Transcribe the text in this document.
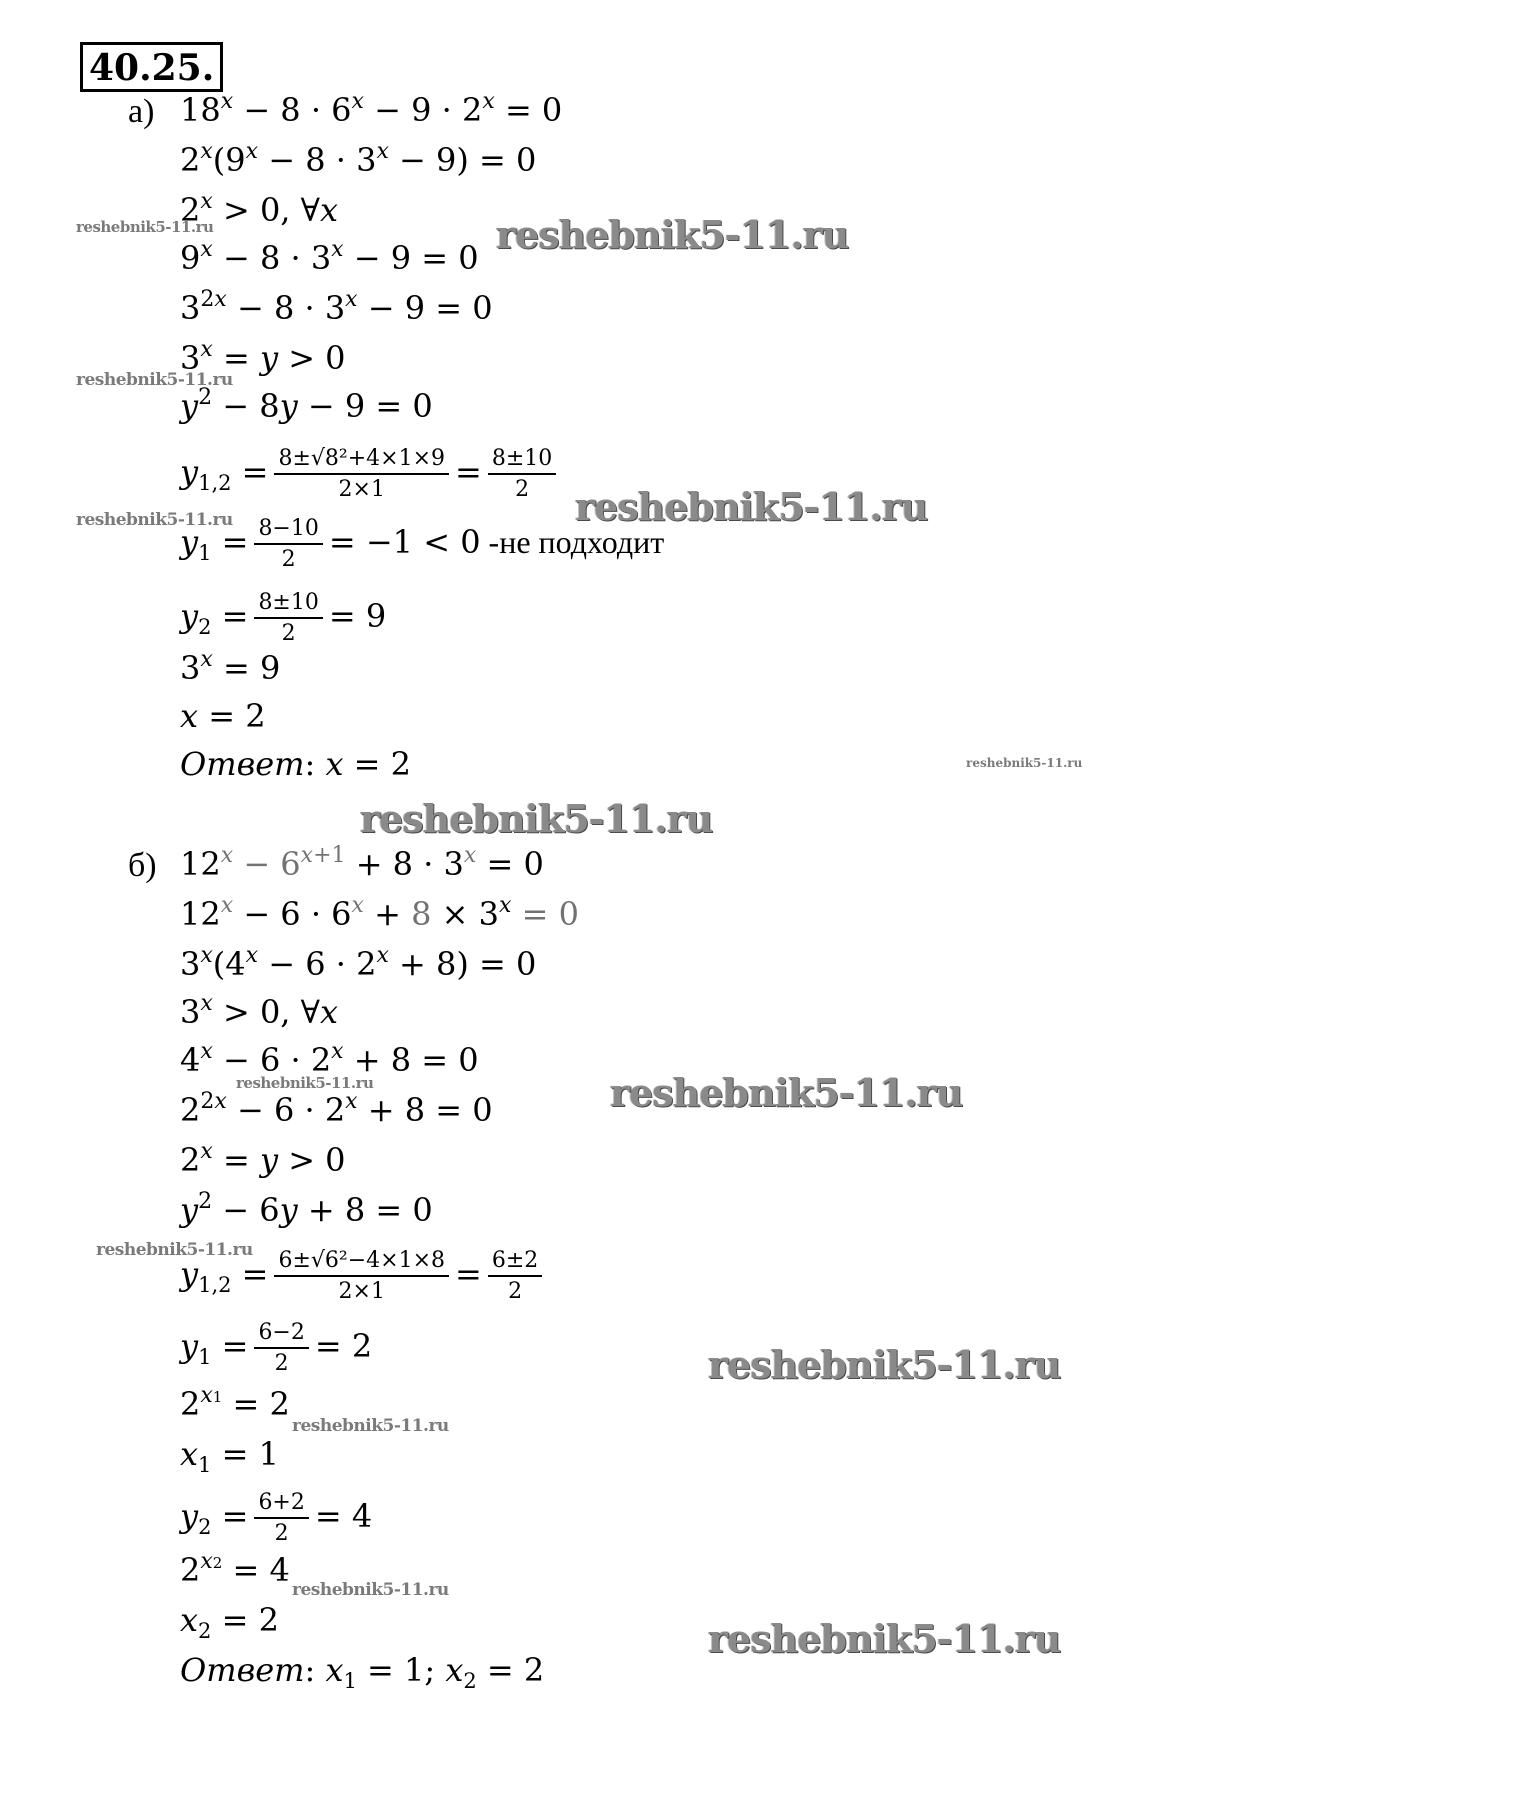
40.25.
а) $18^x - 8 \cdot 6^x - 9 \cdot 2^x = 0$
$2^x(9^x - 8 \cdot 3^x - 9) = 0$
$2^x > 0$, ∀x
$9^x - 8 \cdot 3^x - 9 = 0$
$3^{2x} - 8 \cdot 3^x - 9 = 0$
$3^x = y > 0$
$y^2 - 8y - 9 = 0$
$y_{1,2} = \frac{\text{8±√8²+4×1×9}}{2\times 1} = \frac{8\pm 10}{2}$
$y_1 = \frac{8-10}{2} = -1 < 0$ -не подходит
$y_2 = \frac{8\pm 10}{2} = 9$
$3^x = 9$
x = 2
Ответ: x = 2
б) $12^x - 6^{x+1} + 8 \cdot 3^x = 0$
$12^x - 6 \cdot 6^x + 8 \times 3^x = 0$
$3^x(4^x - 6 \cdot 2^x + 8) = 0$
$3^x > 0$, ∀x
$4^x - 6 \cdot 2^x + 8 = 0$
$2^{2x} - 6 \cdot 2^x + 8 = 0$
$2^x = y > 0$
$y^2 - 6y + 8 = 0$
$y_{1,2} = \frac{\text{6±√6²−4×1×8}}{2\times 1} = \frac{6\pm 2}{2}$
$y_1 = \frac{6-2}{2} = 2$
$2^{x1} = 2$
$x_1 = 1$
$y_2 = \frac{6+2}{2} = 4$
$2^{x2} = 4$
$x_2 = 2$
Ответ: $x_1 = 1$; $x_2 = 2$
reshebnik5-11.ru
reshebnik5-11.ru
reshebnik5-11.ru
reshebnik5-11.ru
reshebnik5-11.ru
reshebnik5-11.ru
reshebnik5-11.ru
reshebnik5-11.ru
reshebnik5-11.ru
reshebnik5-11.ru
reshebnik5-11.ru
reshebnik5-11.ru
reshebnik5-11.ru
reshebnik5-11.ru
